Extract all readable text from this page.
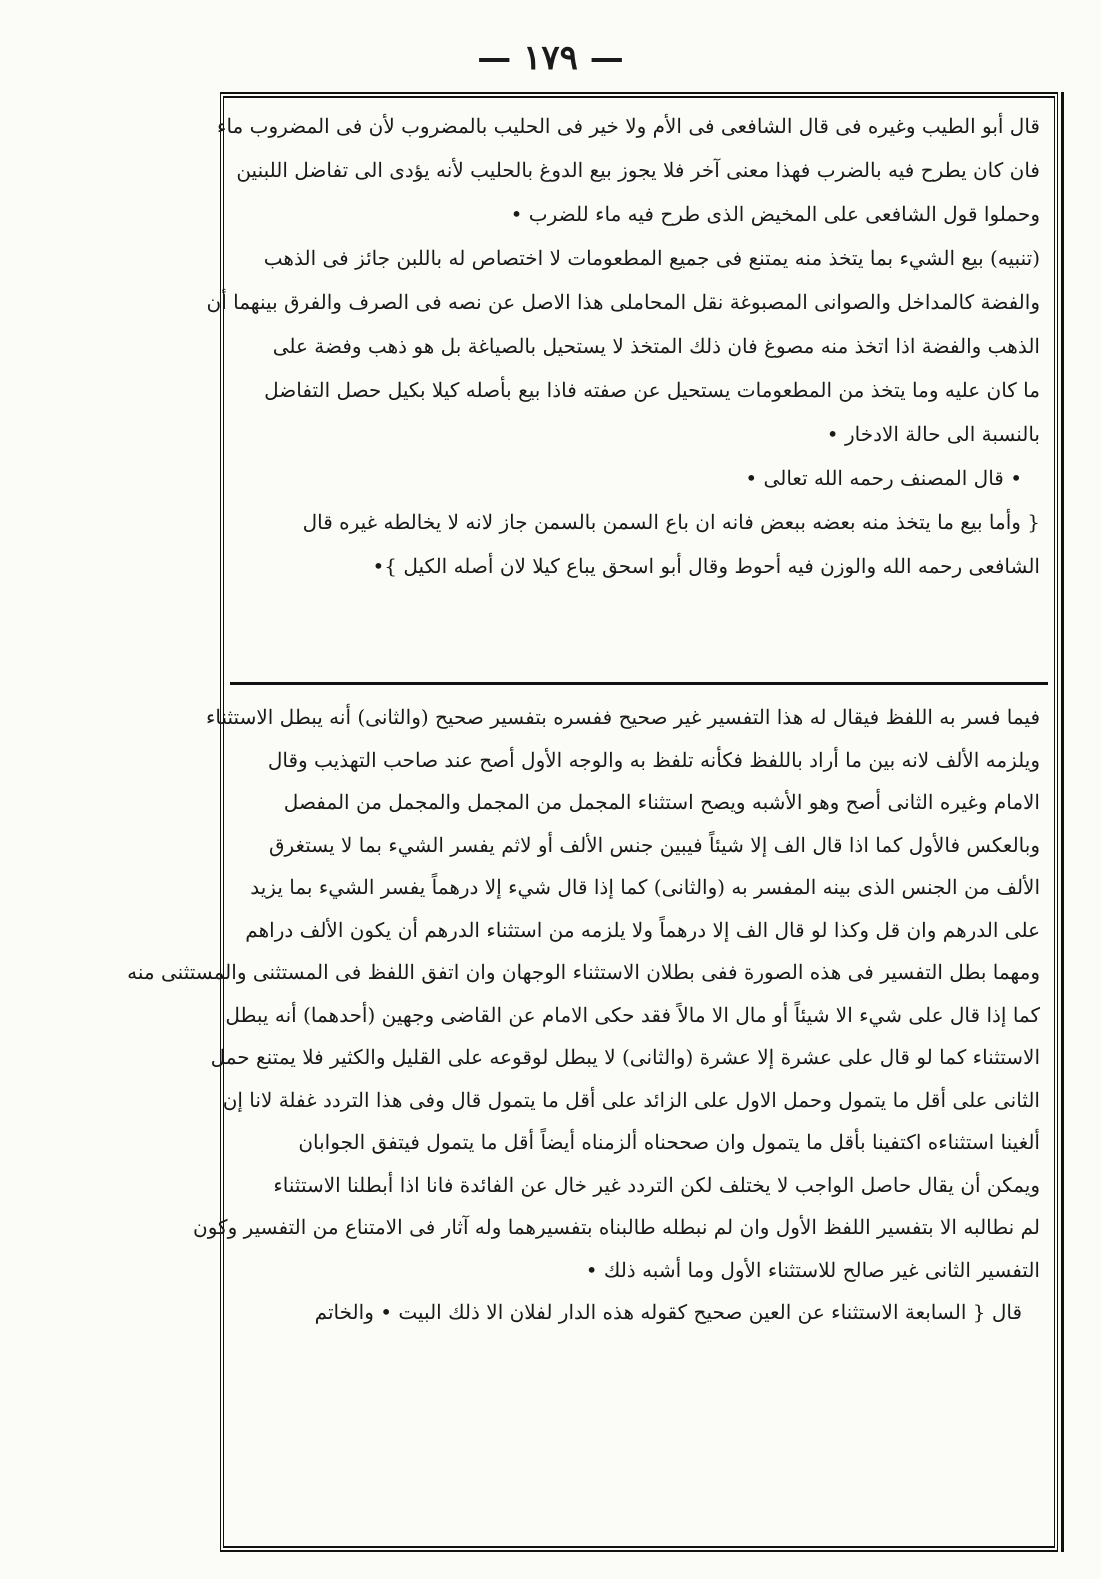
— ١٧٩ —
قال أبو الطيب وغيره فى قال الشافعى فى الأم ولا خير فى الحليب بالمضروب لأن فى المضروب ماء
فان كان يطرح فيه بالضرب فهذا معنى آخر فلا يجوز بيع الدوغ بالحليب لأنه يؤدى الى تفاضل اللبنين
وحملوا قول الشافعى على المخيض الذى طرح فيه ماء للضرب •
(تنبيه) بيع الشيء بما يتخذ منه يمتنع فى جميع المطعومات لا اختصاص له باللبن جائز فى الذهب
والفضة كالمداخل والصوانى المصبوغة نقل المحاملى هذا الاصل عن نصه فى الصرف والفرق بينهما أن
الذهب والفضة اذا اتخذ منه مصوغ فان ذلك المتخذ لا يستحيل بالصياغة بل هو ذهب وفضة على
ما كان عليه وما يتخذ من المطعومات يستحيل عن صفته فاذا بيع بأصله كيلا بكيل حصل التفاضل
بالنسبة الى حالة الادخار •
• قال المصنف رحمه الله تعالى •
{ وأما بيع ما يتخذ منه بعضه ببعض فانه ان باع السمن بالسمن جاز لانه لا يخالطه غيره قال
الشافعى رحمه الله والوزن فيه أحوط وقال أبو اسحق يباع كيلا لان أصله الكيل }•
فيما فسر به اللفظ فيقال له هذا التفسير غير صحيح ففسره بتفسير صحيح (والثانى) أنه يبطل الاستثناء
ويلزمه الألف لانه بين ما أراد باللفظ فكأنه تلفظ به والوجه الأول أصح عند صاحب التهذيب وقال
الامام وغيره الثانى أصح وهو الأشبه ويصح استثناء المجمل من المجمل والمجمل من المفصل
وبالعكس فالأول كما اذا قال الف إلا شيئاً فيبين جنس الألف أو لاثم يفسر الشيء بما لا يستغرق
الألف من الجنس الذى بينه المفسر به (والثانى) كما إذا قال شيء إلا درهماً يفسر الشيء بما يزيد
على الدرهم وان قل وكذا لو قال الف إلا درهماً ولا يلزمه من استثناء الدرهم أن يكون الألف دراهم
ومهما بطل التفسير فى هذه الصورة ففى بطلان الاستثناء الوجهان وان اتفق اللفظ فى المستثنى والمستثنى منه
كما إذا قال على شيء الا شيئاً أو مال الا مالاً فقد حكى الامام عن القاضى وجهين (أحدهما) أنه يبطل
الاستثناء كما لو قال على عشرة إلا عشرة (والثانى) لا يبطل لوقوعه على القليل والكثير فلا يمتنع حمل
الثانى على أقل ما يتمول وحمل الاول على الزائد على أقل ما يتمول قال وفى هذا التردد غفلة لانا إن
ألغينا استثناءه اكتفينا بأقل ما يتمول وان صححناه ألزمناه أيضاً أقل ما يتمول فيتفق الجوابان
ويمكن أن يقال حاصل الواجب لا يختلف لكن التردد غير خال عن الفائدة فانا اذا أبطلنا الاستثناء
لم نطالبه الا بتفسير اللفظ الأول وان لم نبطله طالبناه بتفسيرهما وله آثار فى الامتناع من التفسير وكون
التفسير الثانى غير صالح للاستثناء الأول وما أشبه ذلك •
قال { السابعة الاستثناء عن العين صحيح كقوله هذه الدار لفلان الا ذلك البيت • والخاتم
